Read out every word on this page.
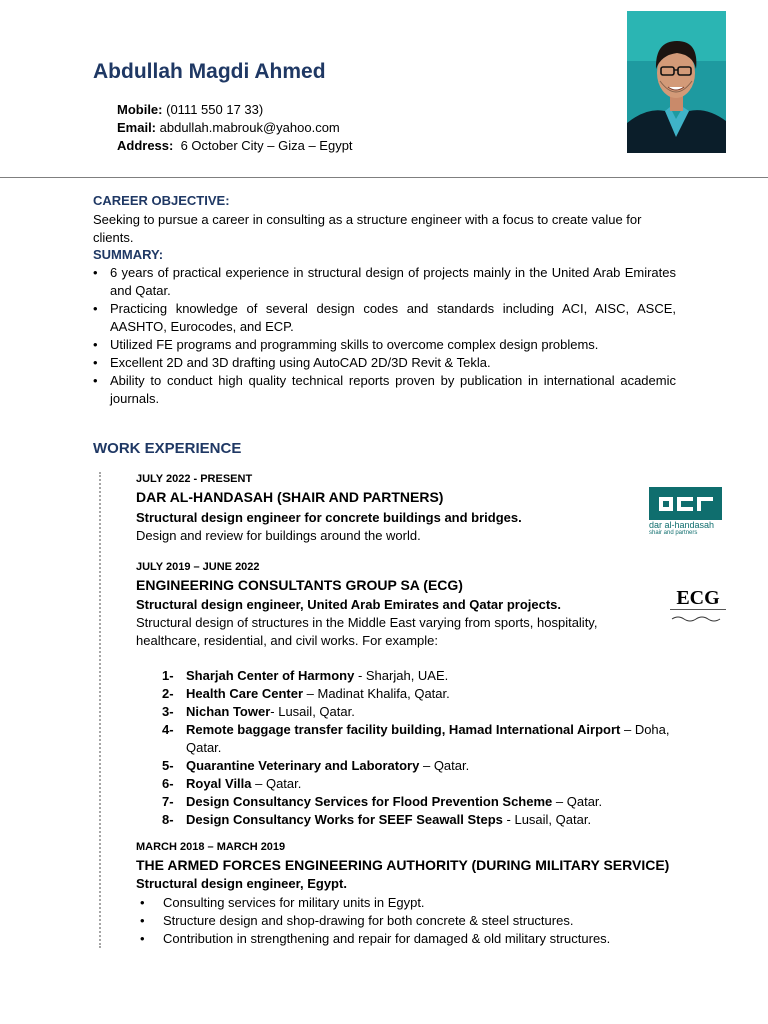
Abdullah Magdi Ahmed
Mobile: (0111 550 17 33)
Email: abdullah.mabrouk@yahoo.com
Address:  6 October City – Giza – Egypt
CAREER OBJECTIVE:
Seeking to pursue a career in consulting as a structure engineer with a focus to create value for clients.
SUMMARY:
• 6 years of practical experience in structural design of projects mainly in the United Arab Emirates and Qatar.
• Practicing knowledge of several design codes and standards including ACI, AISC, ASCE, AASHTO, Eurocodes, and ECP.
• Utilized FE programs and programming skills to overcome complex design problems.
• Excellent 2D and 3D drafting using AutoCAD 2D/3D Revit & Tekla.
• Ability to conduct high quality technical reports proven by publication in international academic journals.
WORK EXPERIENCE
JULY 2022 - PRESENT
DAR AL-HANDASAH (SHAIR AND PARTNERS)
Structural design engineer for concrete buildings and bridges.
Design and review for buildings around the world.
dar al-handasah
shair and partners
JULY 2019 – JUNE 2022
ENGINEERING CONSULTANTS GROUP SA (ECG)
Structural design engineer, United Arab Emirates and Qatar projects.
Structural design of structures in the Middle East varying from sports, hospitality, healthcare, residential, and civil works. For example:
ECG
1- Sharjah Center of Harmony - Sharjah, UAE.
2- Health Care Center – Madinat Khalifa, Qatar.
3- Nichan Tower- Lusail, Qatar.
4- Remote baggage transfer facility building, Hamad International Airport – Doha, Qatar.
5- Quarantine Veterinary and Laboratory – Qatar.
6- Royal Villa – Qatar.
7- Design Consultancy Services for Flood Prevention Scheme – Qatar.
8- Design Consultancy Works for SEEF Seawall Steps - Lusail, Qatar.
MARCH 2018 – MARCH 2019
THE ARMED FORCES ENGINEERING AUTHORITY (DURING MILITARY SERVICE)
Structural design engineer, Egypt.
• Consulting services for military units in Egypt.
• Structure design and shop-drawing for both concrete & steel structures.
• Contribution in strengthening and repair for damaged & old military structures.
